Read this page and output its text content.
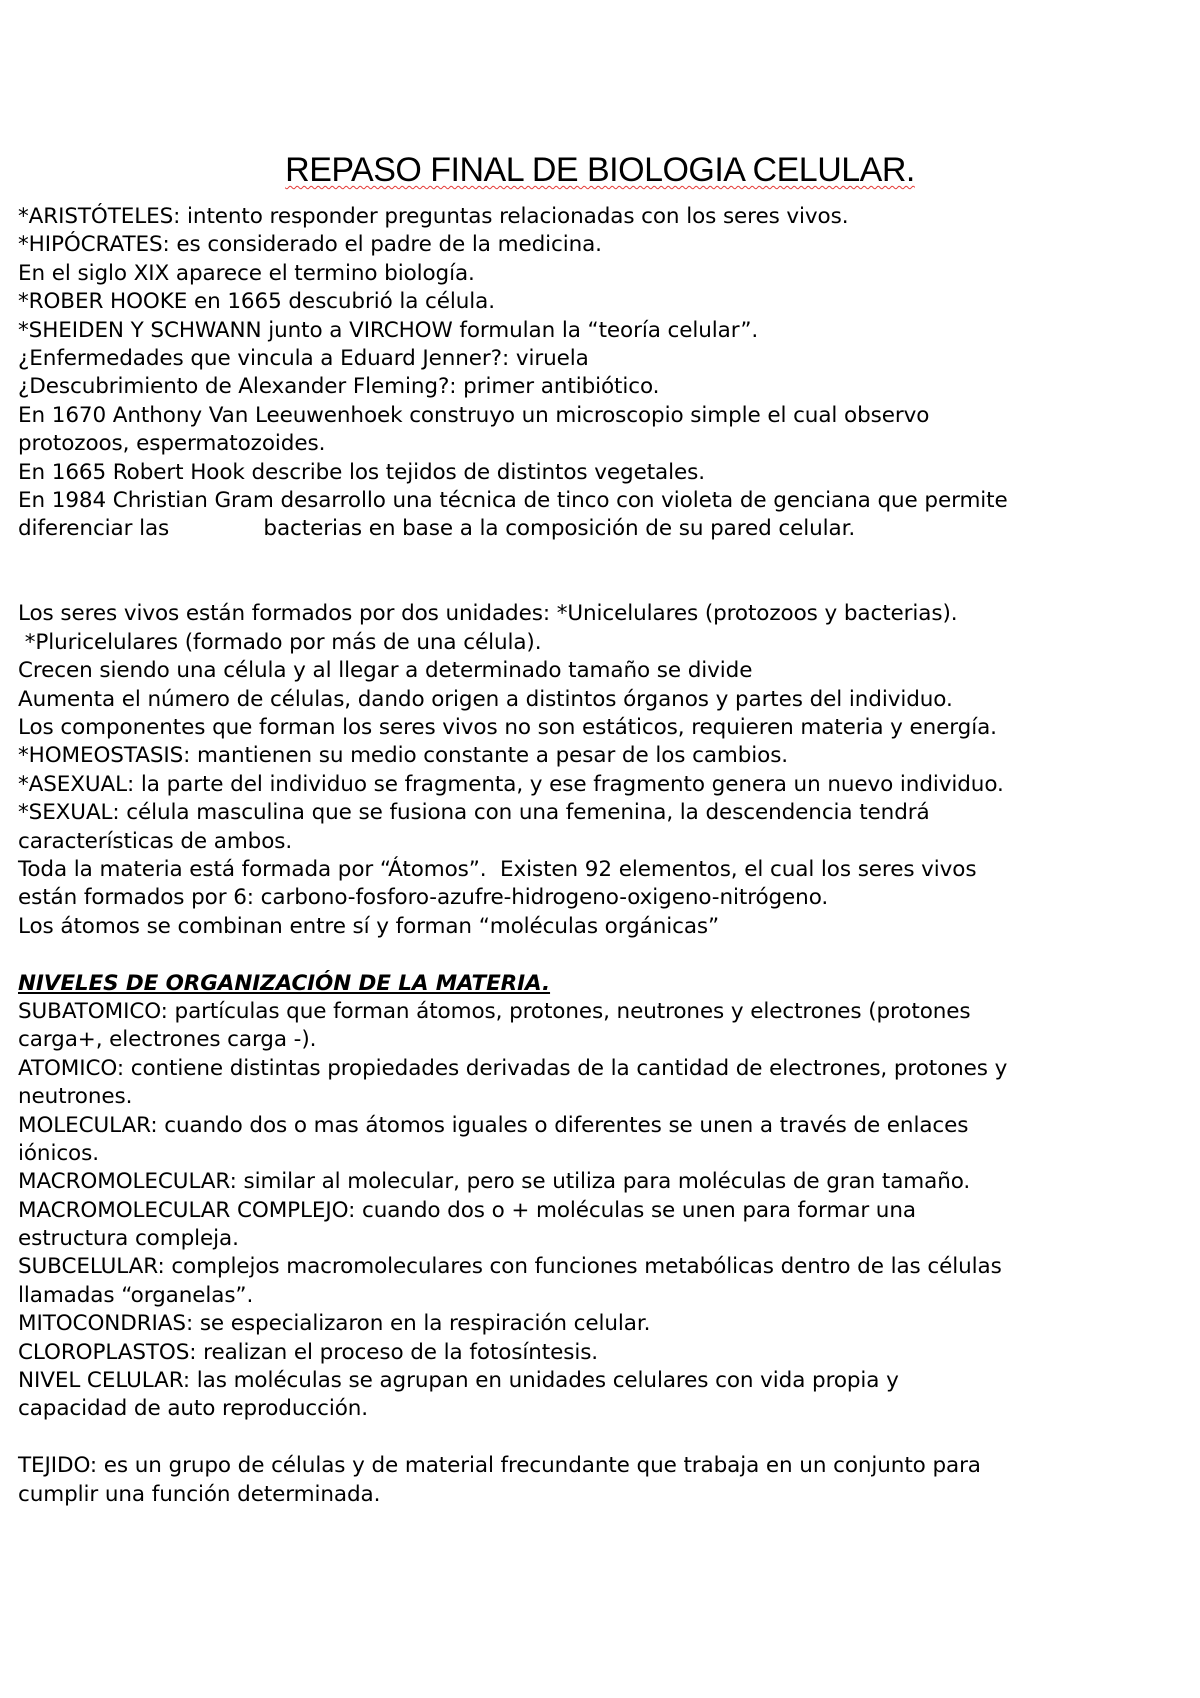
REPASO FINAL DE BIOLOGIA CELULAR.
*ARISTÓTELES: intento responder preguntas relacionadas con los seres vivos.
*HIPÓCRATES: es considerado el padre de la medicina.
En el siglo XIX aparece el termino biología.
*ROBER HOOKE en 1665 descubrió la célula.
*SHEIDEN Y SCHWANN junto a VIRCHOW formulan la “teoría celular”.
¿Enfermedades que vincula a Eduard Jenner?: viruela
¿Descubrimiento de Alexander Fleming?: primer antibiótico.
En 1670 Anthony Van Leeuwenhoek construyo un microscopio simple el cual observo
protozoos, espermatozoides.
En 1665 Robert Hook describe los tejidos de distintos vegetales.
En 1984 Christian Gram desarrollo una técnica de tinco con violeta de genciana que permite
diferenciar las              bacterias en base a la composición de su pared celular.
Los seres vivos están formados por dos unidades: *Unicelulares (protozoos y bacterias).
*Pluricelulares (formado por más de una célula).
Crecen siendo una célula y al llegar a determinado tamaño se divide
Aumenta el número de células, dando origen a distintos órganos y partes del individuo.
Los componentes que forman los seres vivos no son estáticos, requieren materia y energía.
*HOMEOSTASIS: mantienen su medio constante a pesar de los cambios.
*ASEXUAL: la parte del individuo se fragmenta, y ese fragmento genera un nuevo individuo.
*SEXUAL: célula masculina que se fusiona con una femenina, la descendencia tendrá
características de ambos.
Toda la materia está formada por “Átomos”.  Existen 92 elementos, el cual los seres vivos
están formados por 6: carbono-fosforo-azufre-hidrogeno-oxigeno-nitrógeno.
Los átomos se combinan entre sí y forman “moléculas orgánicas”
NIVELES DE ORGANIZACIÓN DE LA MATERIA.
SUBATOMICO: partículas que forman átomos, protones, neutrones y electrones (protones
carga+, electrones carga -).
ATOMICO: contiene distintas propiedades derivadas de la cantidad de electrones, protones y
neutrones.
MOLECULAR: cuando dos o mas átomos iguales o diferentes se unen a través de enlaces
iónicos.
MACROMOLECULAR: similar al molecular, pero se utiliza para moléculas de gran tamaño.
MACROMOLECULAR COMPLEJO: cuando dos o + moléculas se unen para formar una
estructura compleja.
SUBCELULAR: complejos macromoleculares con funciones metabólicas dentro de las células
llamadas “organelas”.
MITOCONDRIAS: se especializaron en la respiración celular.
CLOROPLASTOS: realizan el proceso de la fotosíntesis.
NIVEL CELULAR: las moléculas se agrupan en unidades celulares con vida propia y
capacidad de auto reproducción.
TEJIDO: es un grupo de células y de material frecundante que trabaja en un conjunto para
cumplir una función determinada.
